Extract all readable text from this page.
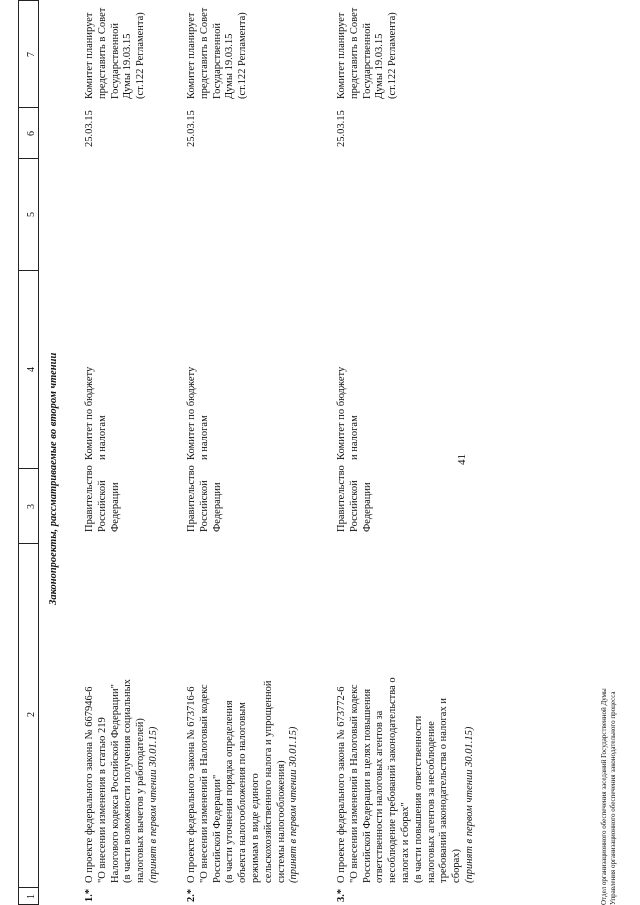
41
1
2
3
4
5
6
7
Законопроекты, рассматриваемые во втором чтении
1.*
О проекте федерального закона № 667946-6 "О внесении изменения в статью 219 Налогового кодекса Российской Федерации" (в части возможности получения социальных налоговых вычетов у работодателей) (принят в первом чтении 30.01.15)
Правительство Российской Федерации
Комитет по бюджету и налогам
25.03.15
Комитет планирует представить в Совет Государственной Думы 19.03.15 (ст.122 Регламента)
2.*
О проекте федерального закона № 673716-6 "О внесении изменений в Налоговый кодекс Российской Федерации" (в части уточнения порядка определения объекта налогообложения по налоговым режимам в виде единого сельскохозяйственного налога и упрощенной системы налогообложения) (принят в первом чтении 30.01.15)
Правительство Российской Федерации
Комитет по бюджету и налогам
25.03.15
Комитет планирует представить в Совет Государственной Думы 19.03.15 (ст.122 Регламента)
3.*
О проекте федерального закона № 673772-6 "О внесении изменений в Налоговый кодекс Российской Федерации в целях повышения ответственности налоговых агентов за несоблюдение требований законодательства о налогах и сборах" (в части повышения ответственности налоговых агентов за несоблюдение требований законодательства о налогах и сборах) (принят в первом чтении 30.01.15)
Правительство Российской Федерации
Комитет по бюджету и налогам
25.03.15
Комитет планирует представить в Совет Государственной Думы 19.03.15 (ст.122 Регламента)
Отдел организационного обеспечения заседаний Государственной Думы Управления организационного обеспечения законодательного процесса
